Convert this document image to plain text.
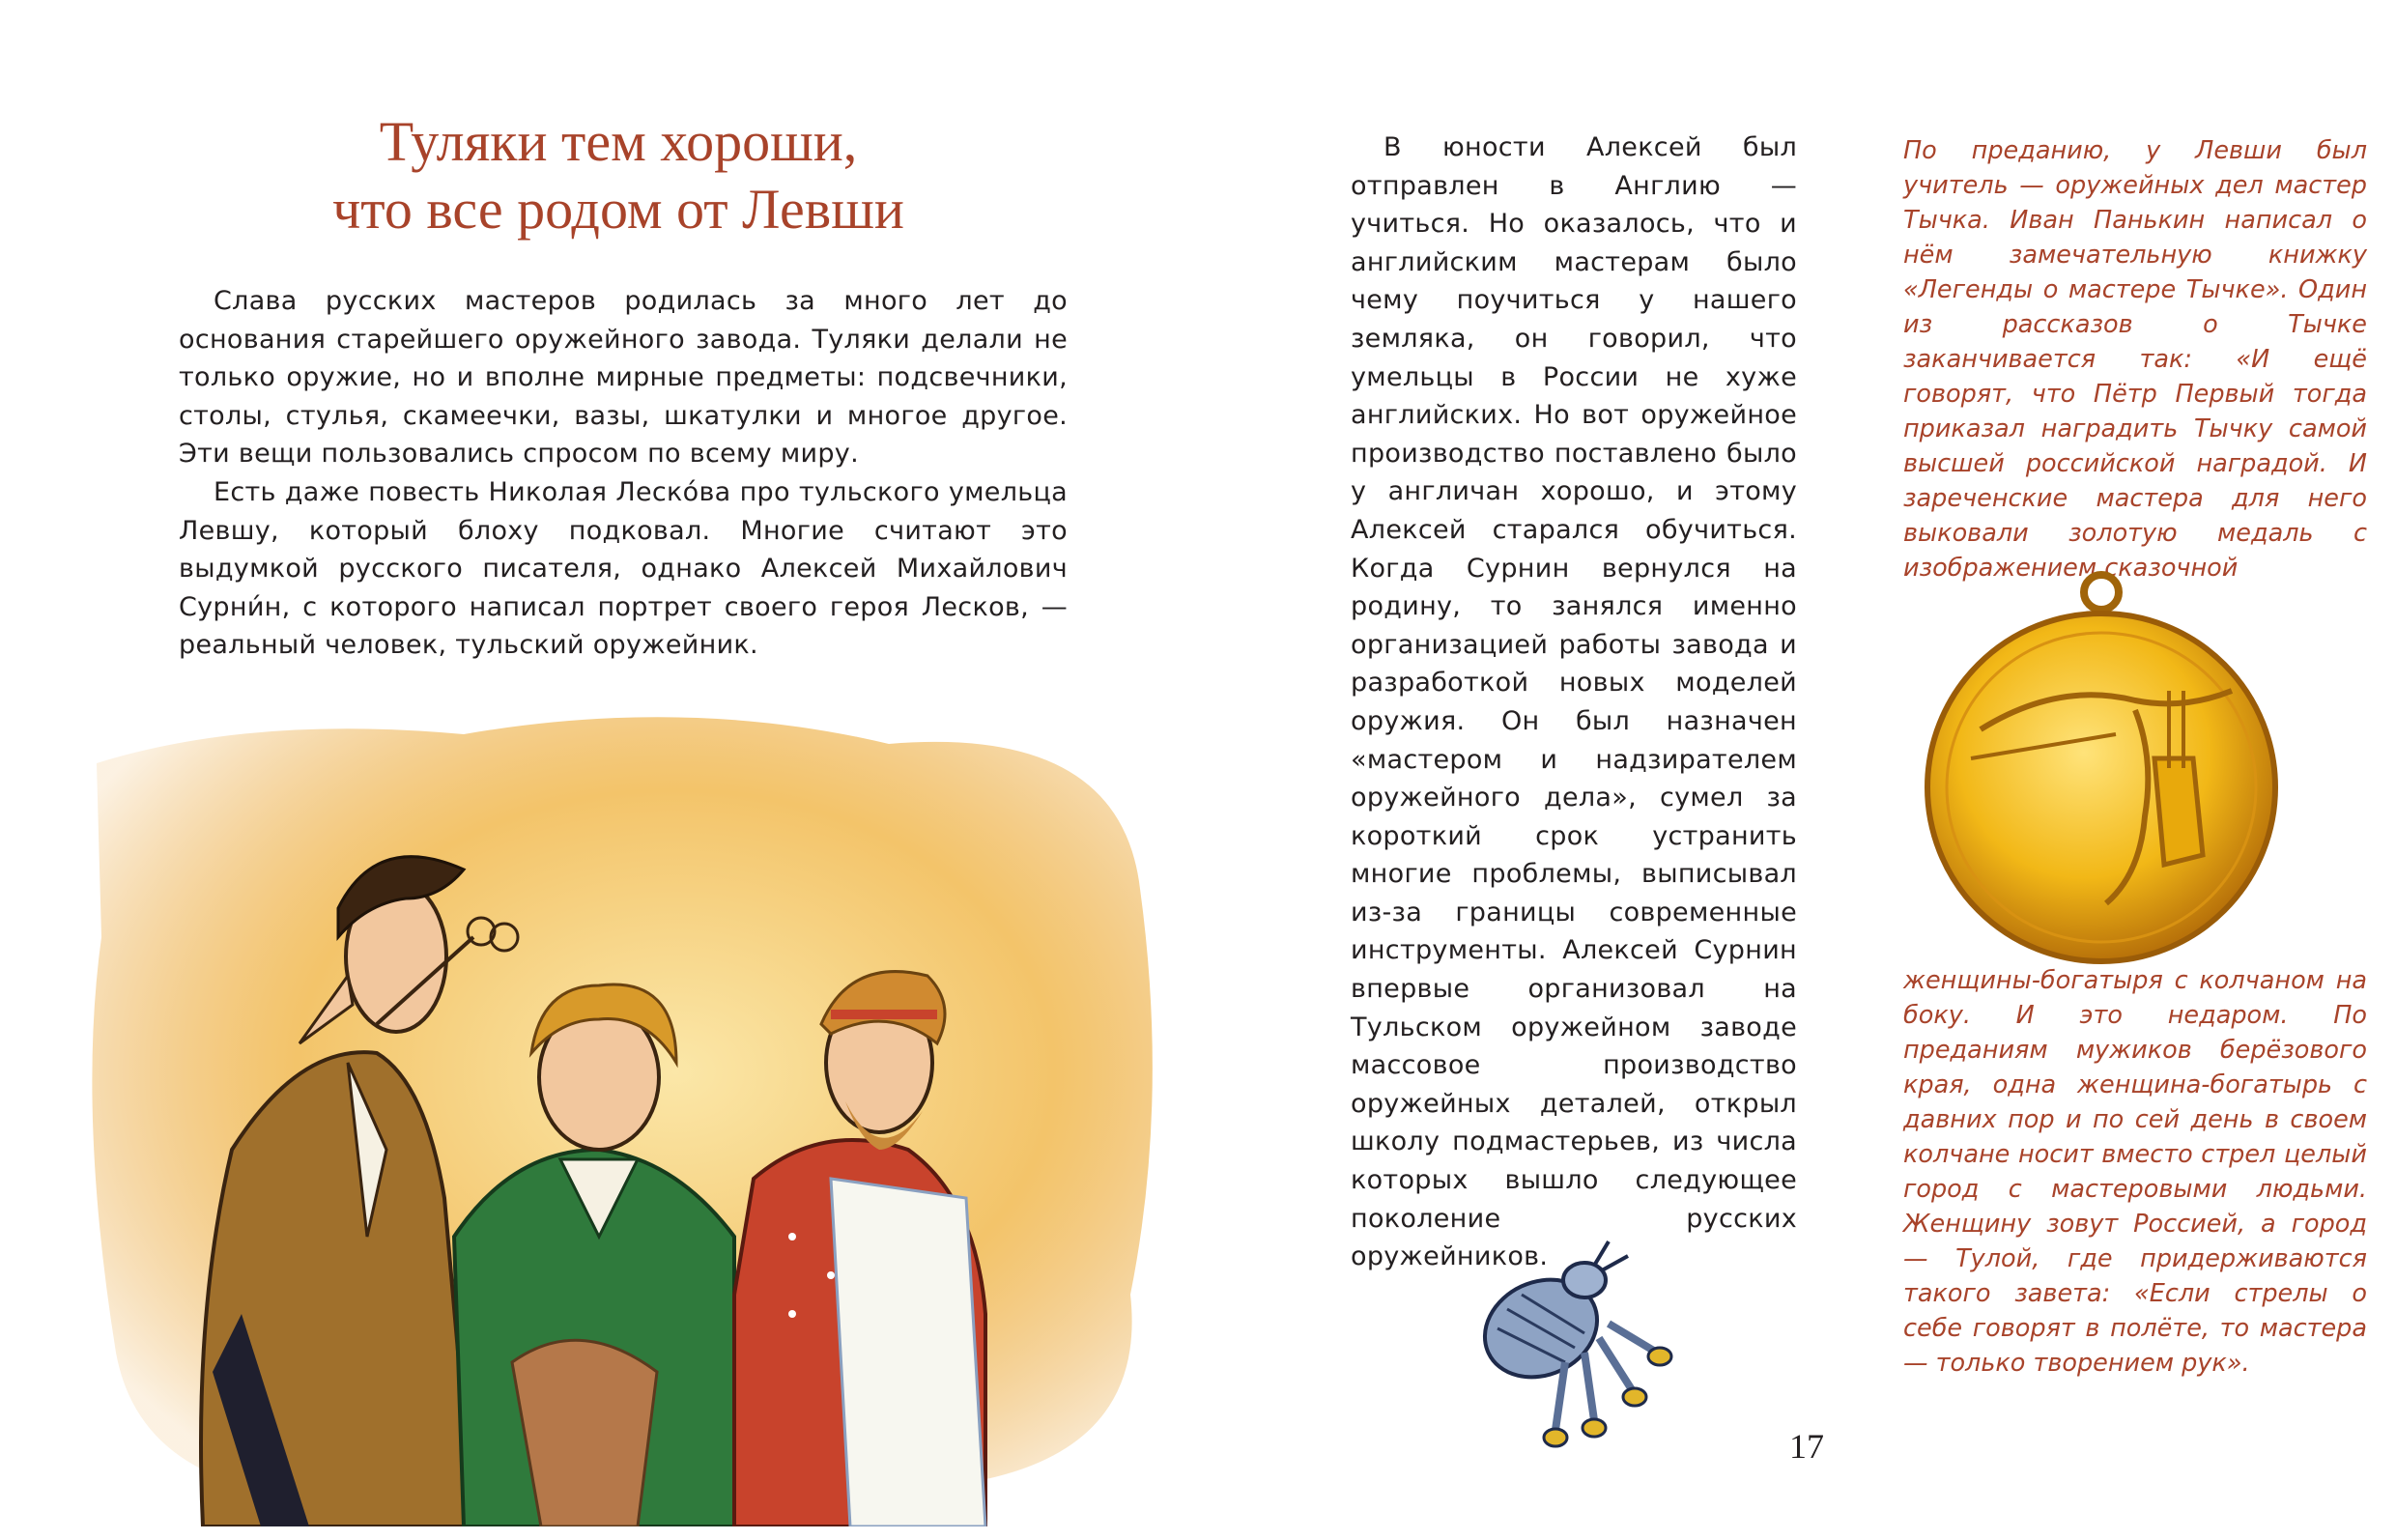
Туляки тем хороши,
что все родом от Левши

Слава русских мастеров родилась за много лет до основания старейшего оружейного завода. Туляки делали не только оружие, но и вполне мирные предметы: подсвечники, столы, стулья, скамеечки, вазы, шкатулки и многое другое. Эти вещи пользовались спросом по всему миру.

Есть даже повесть Николая Леско́ва про тульского умельца Левшу, который блоху подковал. Многие считают это выдумкой русского писателя, однако Алексей Михайлович Сурни́н, с которого написал портрет своего героя Лесков, — реальный человек, тульский оружейник.

В юности Алексей был отправлен в Англию — учиться. Но оказалось, что и английским мастерам было чему поучиться у нашего земляка, он говорил, что умельцы в России не хуже английских. Но вот оружейное производство поставлено было у англичан хорошо, и этому Алексей старался обучиться. Когда Сурнин вернулся на родину, то занялся именно организацией работы завода и разработкой новых моделей оружия. Он был назначен «мастером и надзирателем оружейного дела», сумел за короткий срок устранить многие проблемы, выписывал из-за границы современные инструменты. Алексей Сурнин впервые организовал на Тульском оружейном заводе массовое производство оружейных деталей, открыл школу подмастерьев, из числа которых вышло следующее поколение русских оружейников.

По преданию, у Левши был учитель — оружейных дел мастер Тычка. Иван Панькин написал о нём замечательную книжку «Легенды о мастере Тычке». Один из рассказов о Тычке заканчивается так: «И ещё говорят, что Пётр Первый тогда приказал наградить Тычку самой высшей российской наградой. И зареченские мастера для него выковали золотую медаль с изображением сказочной

женщины-богатыря с колчаном на боку. И это недаром. По преданиям мужиков берёзового края, одна женщина-богатырь с давних пор и по сей день в своем колчане носит вместо стрел целый город с мастеровыми людьми. Женщину зовут Россией, а город — Тулой, где придерживаются такого завета: «Если стрелы о себе говорят в полёте, то мастера — только творением рук».

17
